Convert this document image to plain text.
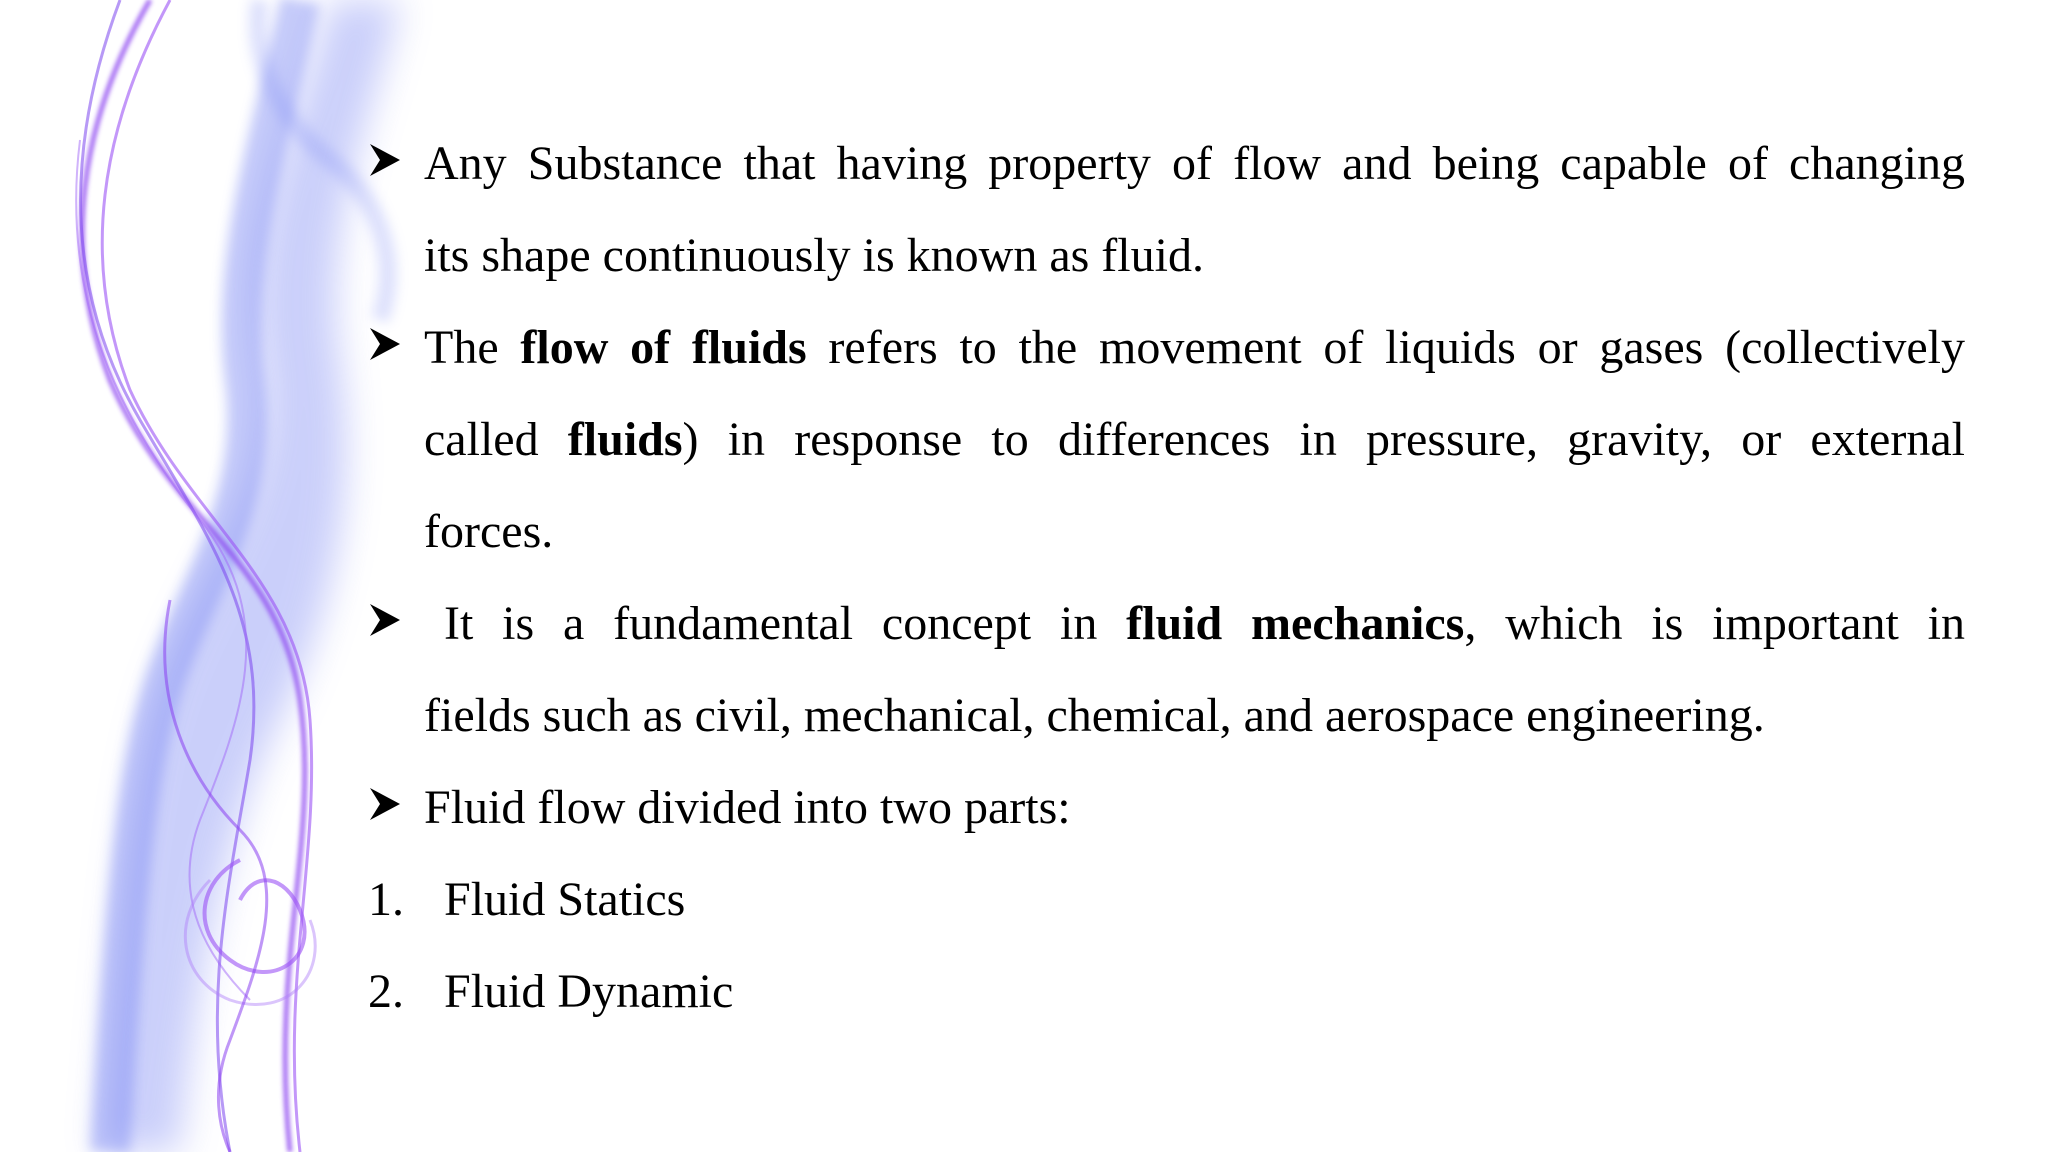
Any Substance that having property of flow and being capable of changing
its shape continuously is known as fluid.
The flow of fluids refers to the movement of liquids or gases (collectively
called fluids) in response to differences in pressure, gravity, or external
forces.
It is a fundamental concept in fluid mechanics, which is important in
fields such as civil, mechanical, chemical, and aerospace engineering.
Fluid flow divided into two parts:
1. Fluid Statics
2. Fluid Dynamic
